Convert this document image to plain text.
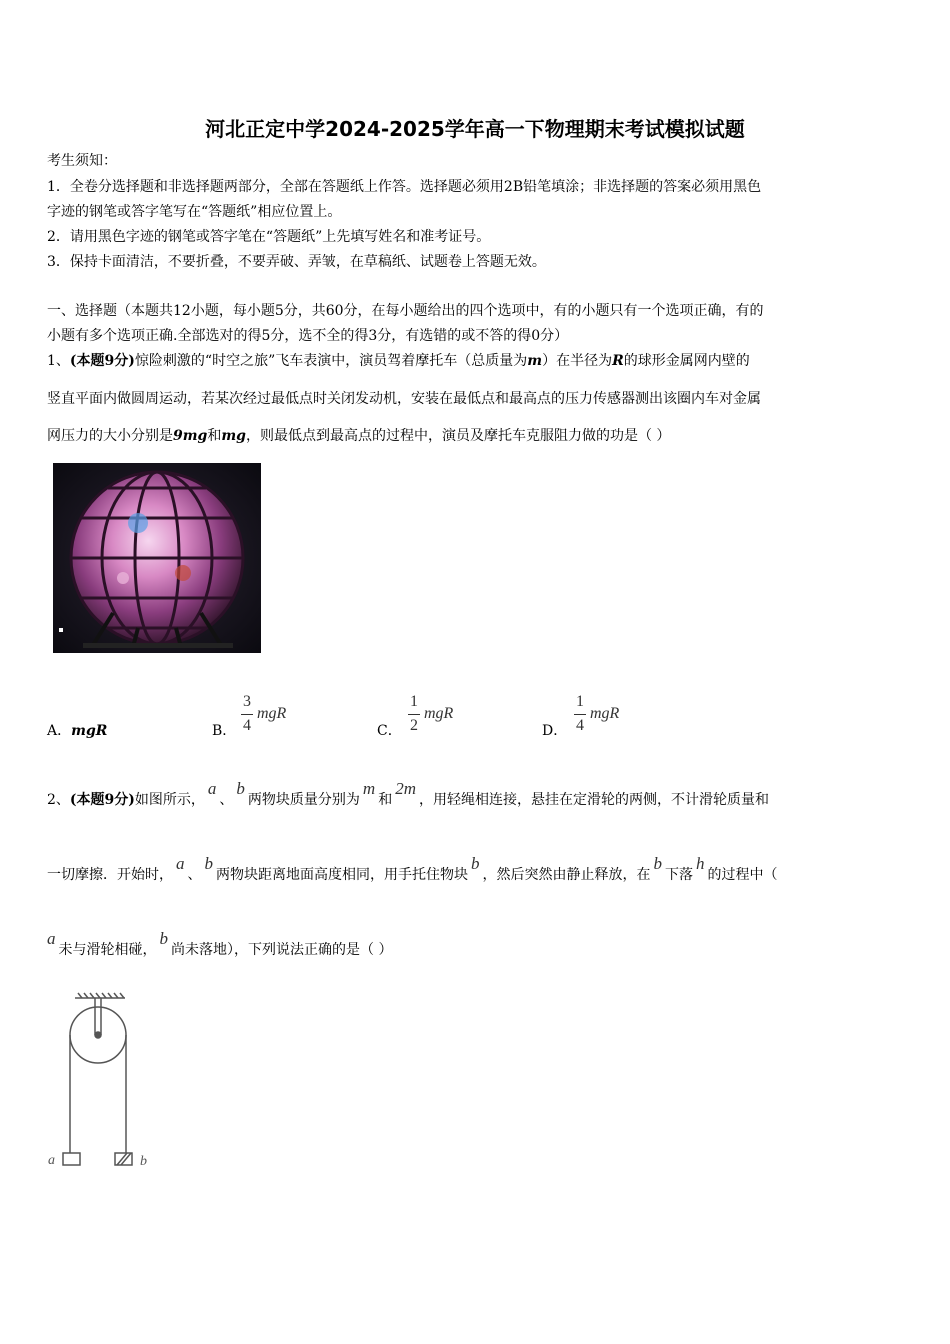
河北正定中学2024-2025学年高一下物理期末考试模拟试题
考生须知：
1．全卷分选择题和非选择题两部分，全部在答题纸上作答。选择题必须用2B铅笔填涂；非选择题的答案必须用黑色
字迹的钢笔或答字笔写在“答题纸”相应位置上。
2．请用黑色字迹的钢笔或答字笔在“答题纸”上先填写姓名和准考证号。
3．保持卡面清洁，不要折叠，不要弄破、弄皱，在草稿纸、试题卷上答题无效。
一、选择题（本题共12小题，每小题5分，共60分，在每小题给出的四个选项中，有的小题只有一个选项正确，有的
小题有多个选项正确.全部选对的得5分，选不全的得3分，有选错的或不答的得0分）
1、(本题9分)惊险刺激的“时空之旅”飞车表演中，演员驾着摩托车（总质量为m）在半径为R的球形金属网内壁的
竖直平面内做圆周运动，若某次经过最低点时关闭发动机，安装在最低点和最高点的压力传感器测出该圈内车对金属
网压力的大小分别是9mg和mg，则最低点到最高点的过程中，演员及摩托车克服阻力做的功是（ ）
A．mgR	B．
3
4
mgR
C．
1
2
mgR
D．
1
4
mgR
2、(本题9分)如图所示，a、b两物块质量分别为m和2m，用轻绳相连接，悬挂在定滑轮的两侧，不计滑轮质量和
一切摩擦．开始时，a、b两物块距离地面高度相同，用手托住物块b，然后突然由静止释放，在b下落h的过程中（
a未与滑轮相碰，b尚未落地），下列说法正确的是（ ）
a	b
